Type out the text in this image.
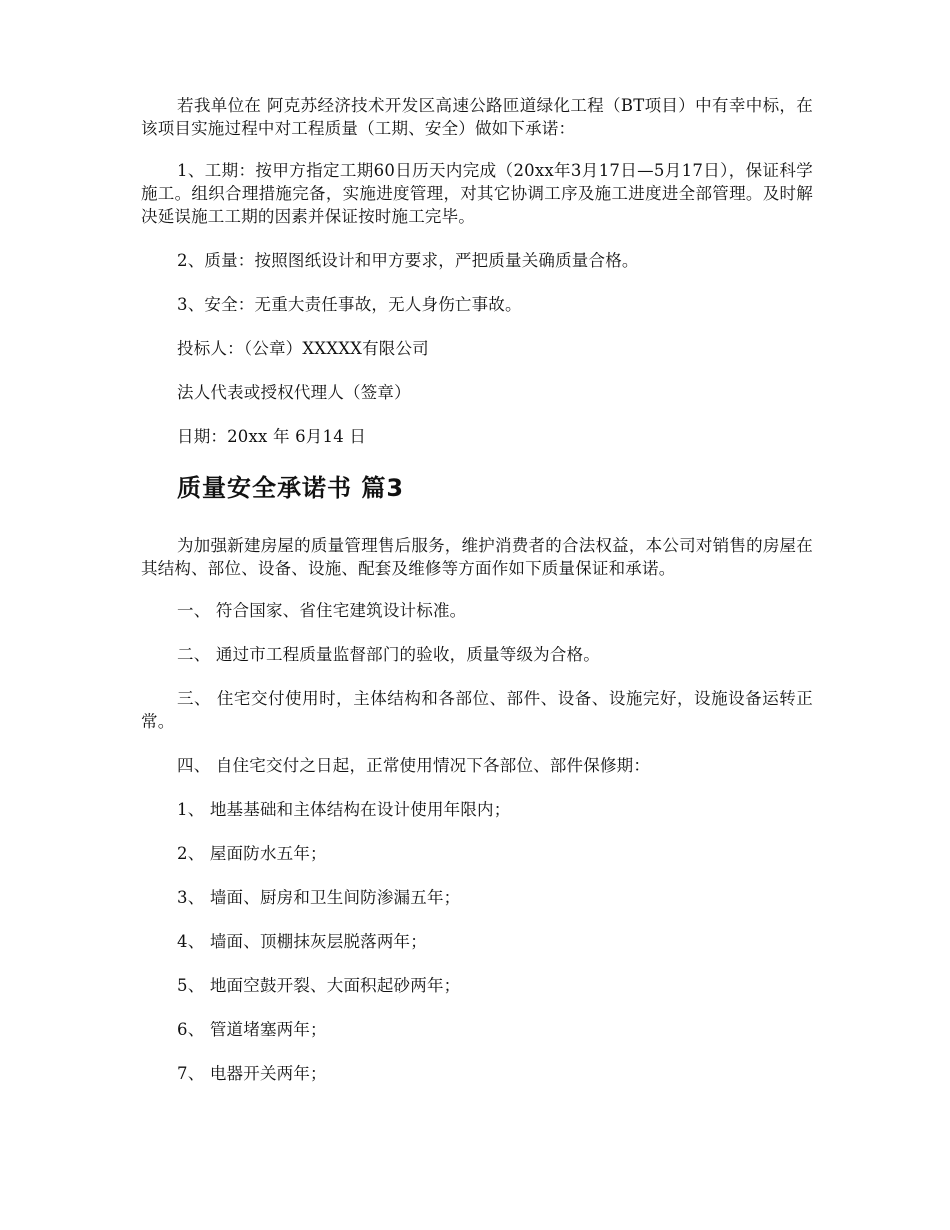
若我单位在 阿克苏经济技术开发区高速公路匝道绿化工程（BT项目）中有幸中标，在该项目实施过程中对工程质量（工期、安全）做如下承诺：

1、工期：按甲方指定工期60日历天内完成（20xx年3月17日—5月17日），保证科学施工。组织合理措施完备，实施进度管理，对其它协调工序及施工进度进全部管理。及时解决延误施工工期的因素并保证按时施工完毕。

2、质量：按照图纸设计和甲方要求，严把质量关确质量合格。

3、安全：无重大责任事故，无人身伤亡事故。

投标人：（公章）XXXXX有限公司

法人代表或授权代理人（签章）

日期：20xx 年 6月14 日

质量安全承诺书 篇3

为加强新建房屋的质量管理售后服务，维护消费者的合法权益，本公司对销售的房屋在其结构、部位、设备、设施、配套及维修等方面作如下质量保证和承诺。

一、 符合国家、省住宅建筑设计标准。

二、 通过市工程质量监督部门的验收，质量等级为合格。

三、 住宅交付使用时，主体结构和各部位、部件、设备、设施完好，设施设备运转正常。

四、 自住宅交付之日起，正常使用情况下各部位、部件保修期：

1、 地基基础和主体结构在设计使用年限内；

2、 屋面防水五年；

3、 墙面、厨房和卫生间防渗漏五年；

4、 墙面、顶棚抹灰层脱落两年；

5、 地面空鼓开裂、大面积起砂两年；

6、 管道堵塞两年；

7、 电器开关两年；
